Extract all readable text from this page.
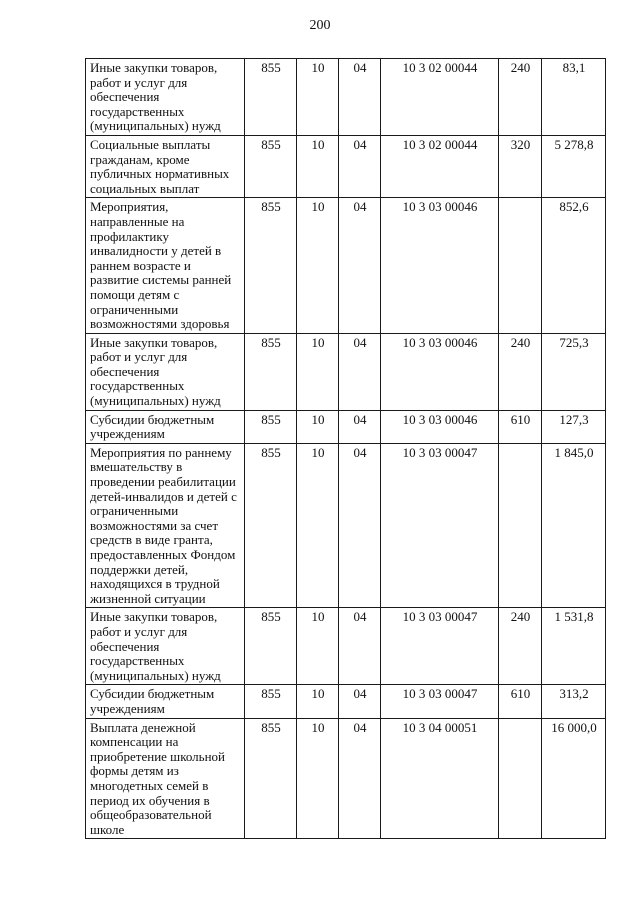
200
Иные закупки товаров, работ и услуг для обеспечения государственных (муниципальных) нужд	855	10	04	10 3 02 00044	240	83,1
Социальные выплаты гражданам, кроме публичных нормативных социальных выплат	855	10	04	10 3 02 00044	320	5 278,8
Мероприятия, направленные на профилактику инвалидности у детей в раннем возрасте и развитие системы ранней помощи детям с ограниченными возможностями здоровья	855	10	04	10 3 03 00046		852,6
Иные закупки товаров, работ и услуг для обеспечения государственных (муниципальных) нужд	855	10	04	10 3 03 00046	240	725,3
Субсидии бюджетным учреждениям	855	10	04	10 3 03 00046	610	127,3
Мероприятия по раннему вмешательству в проведении реабилитации детей-инвалидов и детей с ограниченными возможностями за счет средств в виде гранта, предоставленных Фондом поддержки детей, находящихся в трудной жизненной ситуации	855	10	04	10 3 03 00047		1 845,0
Иные закупки товаров, работ и услуг для обеспечения государственных (муниципальных) нужд	855	10	04	10 3 03 00047	240	1 531,8
Субсидии бюджетным учреждениям	855	10	04	10 3 03 00047	610	313,2
Выплата денежной компенсации на приобретение школьной формы детям из многодетных семей в период их обучения в общеобразовательной школе	855	10	04	10 3 04 00051		16 000,0
